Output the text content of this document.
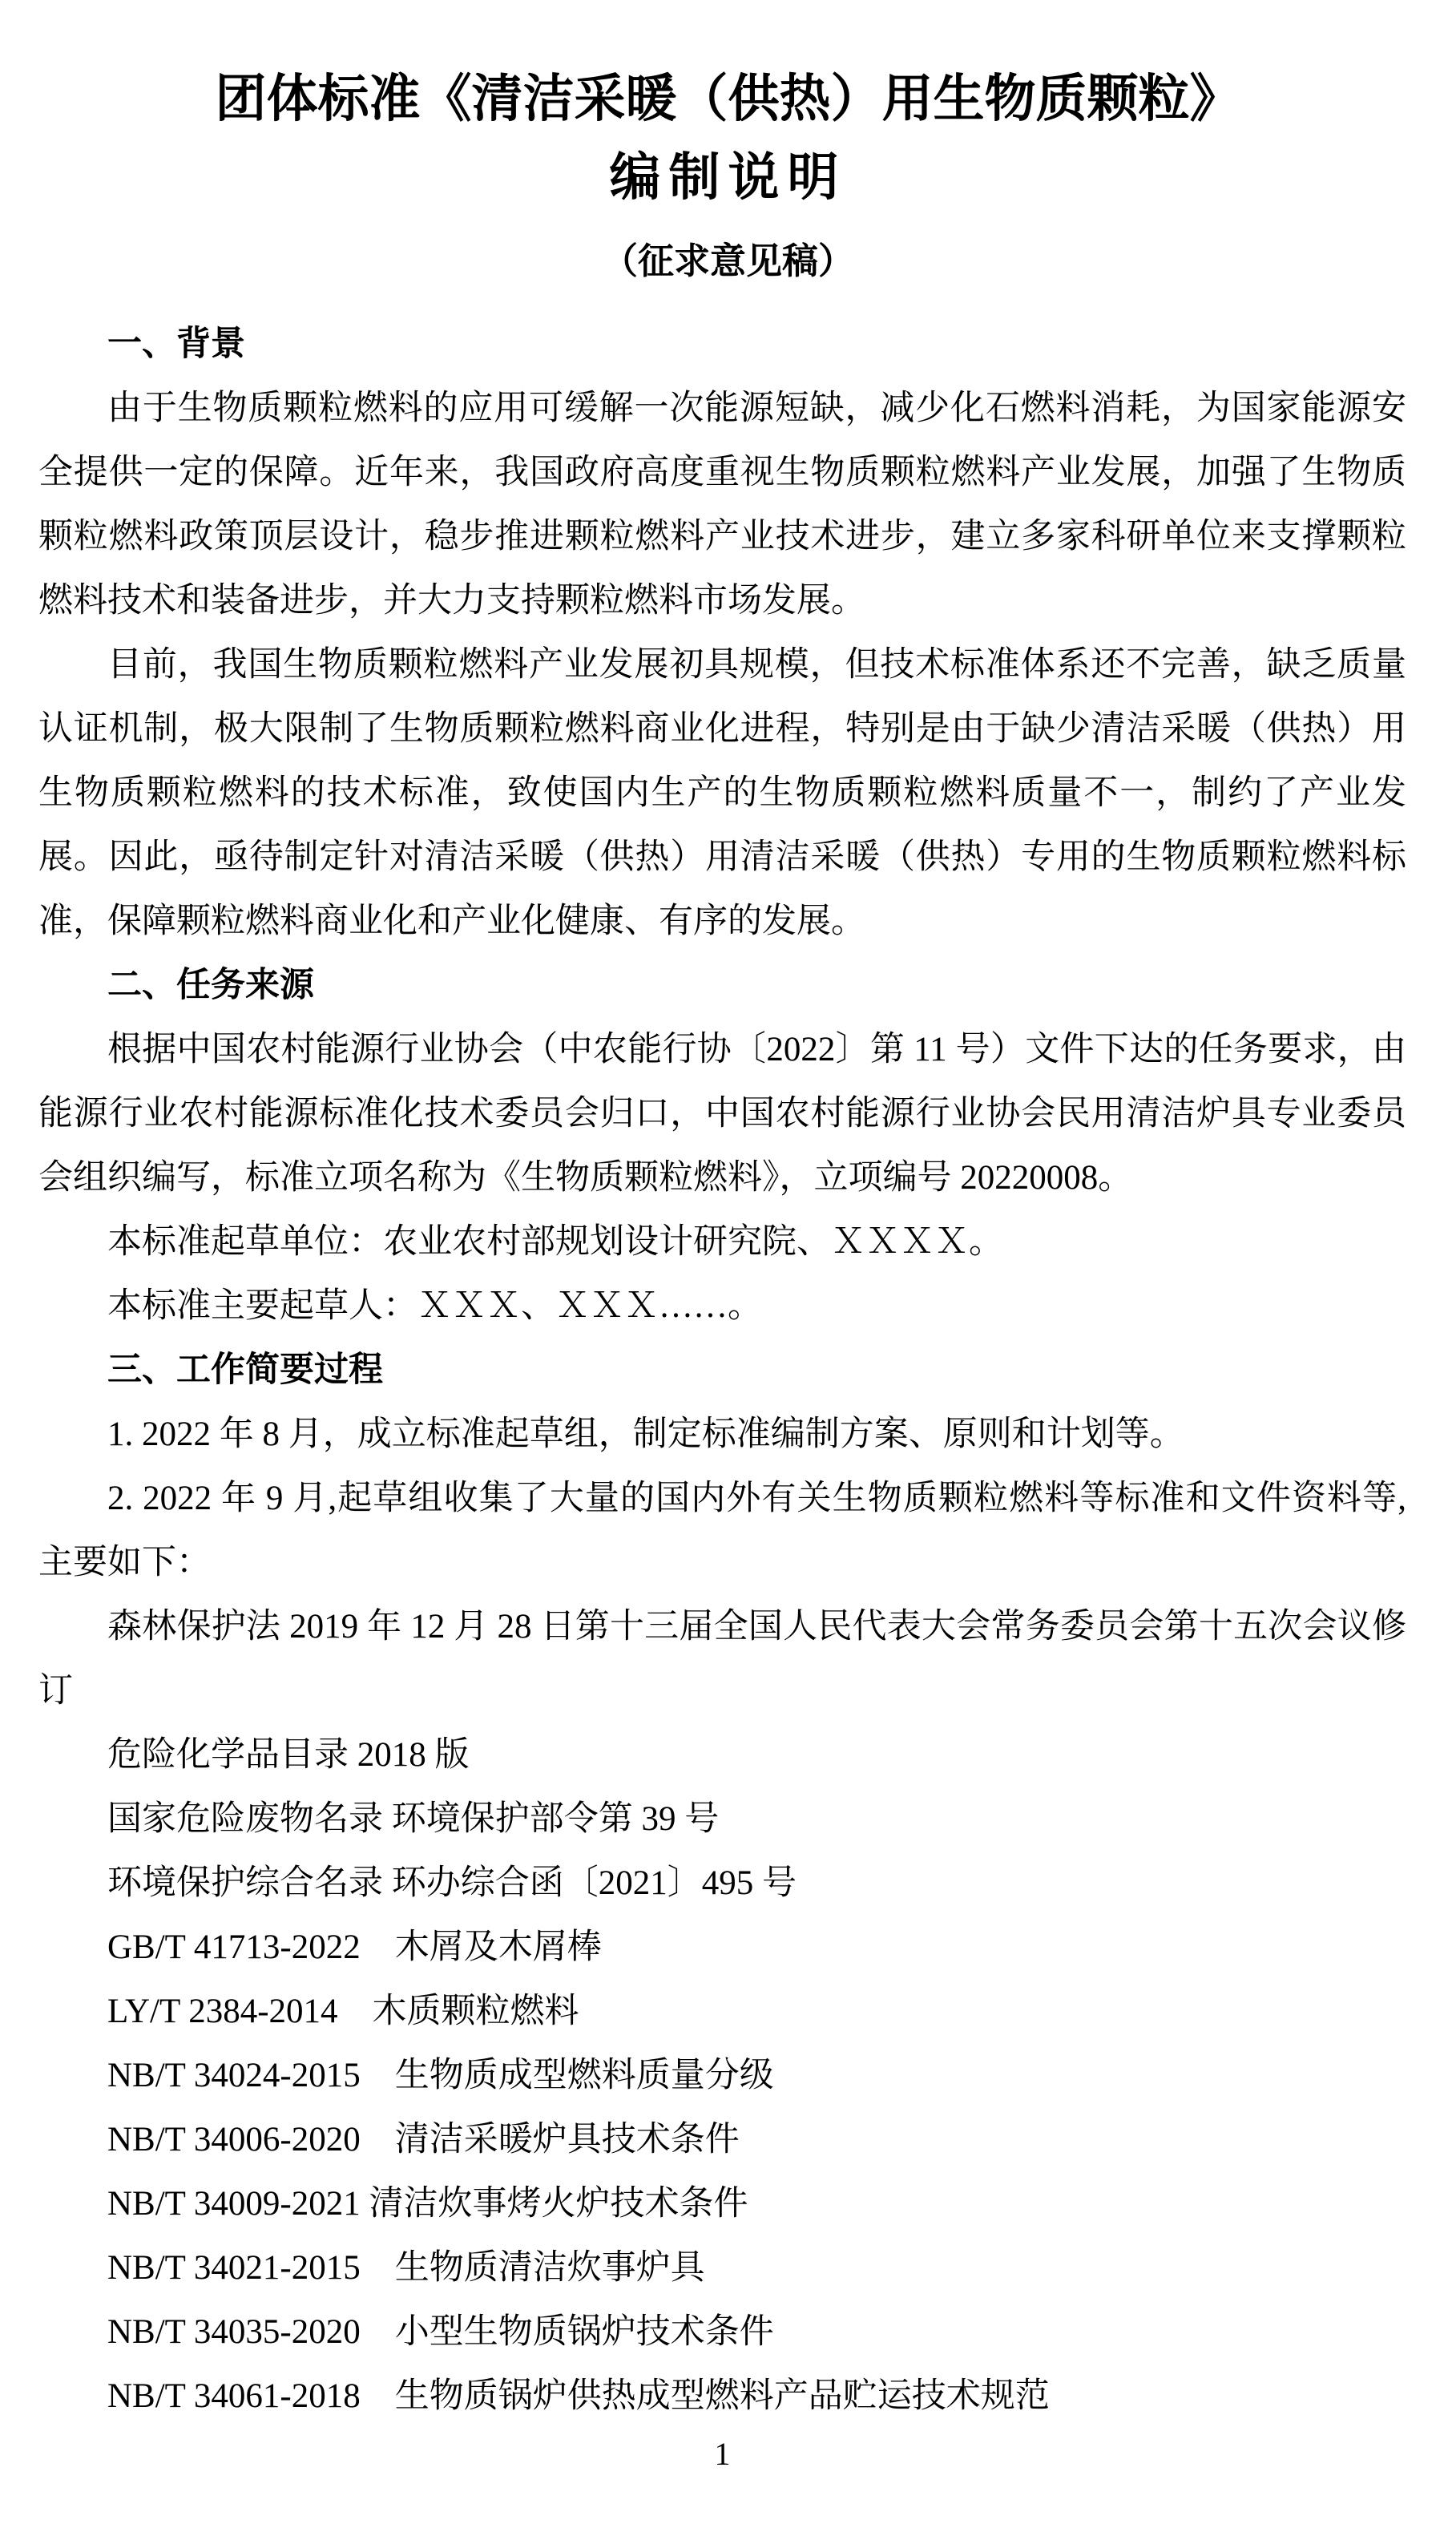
团体标准《清洁采暖（供热）用生物质颗粒》
编制说明
（征求意见稿）
一、背景
由于生物质颗粒燃料的应用可缓解一次能源短缺，减少化石燃料消耗，为国家能源安
全提供一定的保障。近年来，我国政府高度重视生物质颗粒燃料产业发展，加强了生物质
颗粒燃料政策顶层设计，稳步推进颗粒燃料产业技术进步，建立多家科研单位来支撑颗粒
燃料技术和装备进步，并大力支持颗粒燃料市场发展。
目前，我国生物质颗粒燃料产业发展初具规模，但技术标准体系还不完善，缺乏质量
认证机制，极大限制了生物质颗粒燃料商业化进程，特别是由于缺少清洁采暖（供热）用
生物质颗粒燃料的技术标准，致使国内生产的生物质颗粒燃料质量不一，制约了产业发
展。因此，亟待制定针对清洁采暖（供热）用清洁采暖（供热）专用的生物质颗粒燃料标
准，保障颗粒燃料商业化和产业化健康、有序的发展。
二、任务来源
根据中国农村能源行业协会（中农能行协〔2022〕第 11 号）文件下达的任务要求，由
能源行业农村能源标准化技术委员会归口，中国农村能源行业协会民用清洁炉具专业委员
会组织编写，标准立项名称为《生物质颗粒燃料》，立项编号 20220008。
本标准起草单位：农业农村部规划设计研究院、ＸＸＸＸ。
本标准主要起草人：ＸＸＸ、ＸＸＸ……。
三、工作简要过程
1. 2022 年 8 月，成立标准起草组，制定标准编制方案、原则和计划等。
2. 2022 年 9 月,起草组收集了大量的国内外有关生物质颗粒燃料等标准和文件资料等,
主要如下：
森林保护法 2019 年 12 月 28 日第十三届全国人民代表大会常务委员会第十五次会议修
订
危险化学品目录 2018 版
国家危险废物名录 环境保护部令第 39 号
环境保护综合名录 环办综合函〔2021〕495 号
GB/T 41713-2022　木屑及木屑棒
LY/T 2384-2014　木质颗粒燃料
NB/T 34024-2015　生物质成型燃料质量分级
NB/T 34006-2020　清洁采暖炉具技术条件
NB/T 34009-2021 清洁炊事烤火炉技术条件
NB/T 34021-2015　生物质清洁炊事炉具
NB/T 34035-2020　小型生物质锅炉技术条件
NB/T 34061-2018　生物质锅炉供热成型燃料产品贮运技术规范
1
